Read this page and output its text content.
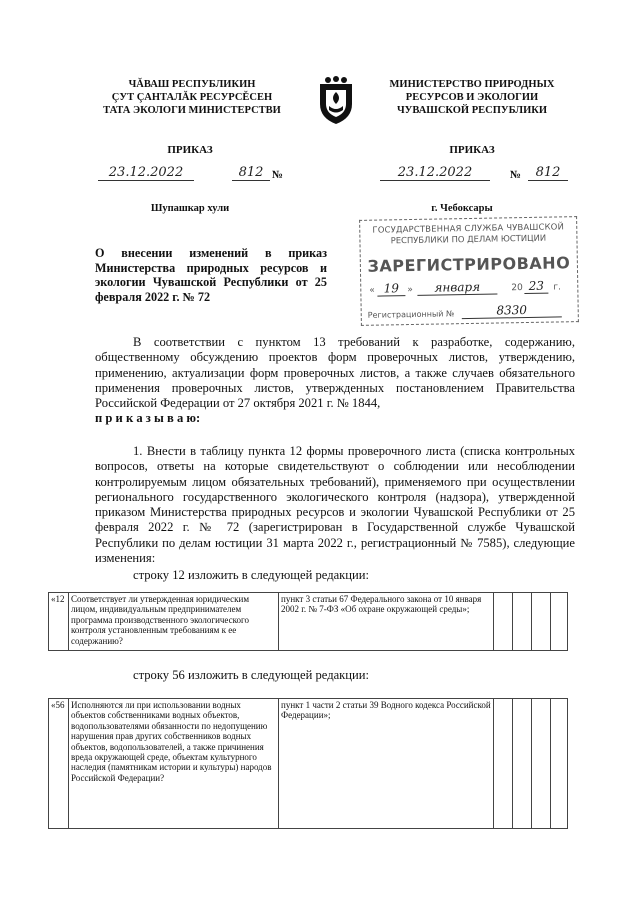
ЧĂВАШ РЕСПУБЛИКИН
ÇУТ ÇАНТАЛĂК РЕСУРСĔСЕН
ТАТА ЭКОЛОГИ МИНИСТЕРСТВИ
МИНИСТЕРСТВО ПРИРОДНЫХ
РЕСУРСОВ И ЭКОЛОГИИ
ЧУВАШСКОЙ РЕСПУБЛИКИ
ПРИКАЗ	ПРИКАЗ
23.12.2022	812 №	23.12.2022	№	812
Шупашкар хули	г. Чебоксары
ГОСУДАРСТВЕННАЯ СЛУЖБА ЧУВАШСКОЙ
РЕСПУБЛИКИ ПО ДЕЛАМ ЮСТИЦИИ
ЗАРЕГИСТРИРОВАНО
« 19 »	января	20 23	г.
Регистрационный №	8330
О внесении изменений в приказ Министерства природных ресурсов и экологии Чувашской Республики от 25 февраля 2022 г. № 72
В соответствии с пунктом 13 требований к разработке, содержанию, общественному обсуждению проектов форм проверочных листов, утверждению, применению, актуализации форм проверочных листов, а также случаев обязательного применения проверочных листов, утвержденных постановлением Правительства Российской Федерации от 27 октября 2021 г. № 1844,
п р и к а з ы в а ю:
1. Внести в таблицу пункта 12 формы проверочного листа (списка контрольных вопросов, ответы на которые свидетельствуют о соблюдении или несоблюдении контролируемым лицом обязательных требований), применяемого при осуществлении регионального государственного экологического контроля (надзора), утвержденной приказом Министерства природных ресурсов и экологии Чувашской Республики от 25 февраля 2022 г. № 72 (зарегистрирован в Государственной службе Чувашской Республики по делам юстиции 31 марта 2022 г., регистрационный № 7585), следующие изменения:
строку 12 изложить в следующей редакции:
«12	Соответствует ли утвержденная юридическим лицом, индивидуальным предпринимателем программа производственного экологического контроля установленным требованиям к ее содержанию?	пункт 3 статьи 67 Федерального закона от 10 января 2002 г. № 7-ФЗ «Об охране окружающей среды»;				
строку 56 изложить в следующей редакции:
«56	Исполняются ли при использовании водных объектов собственниками водных объектов, водопользователями обязанности по недопущению нарушения прав других собственников водных объектов, водопользователей, а также причинения вреда окружающей среде, объектам культурного наследия (памятникам истории и культуры) народов Российской Федерации?	пункт 1 части 2 статьи 39 Водного кодекса Российской Федерации»;				
